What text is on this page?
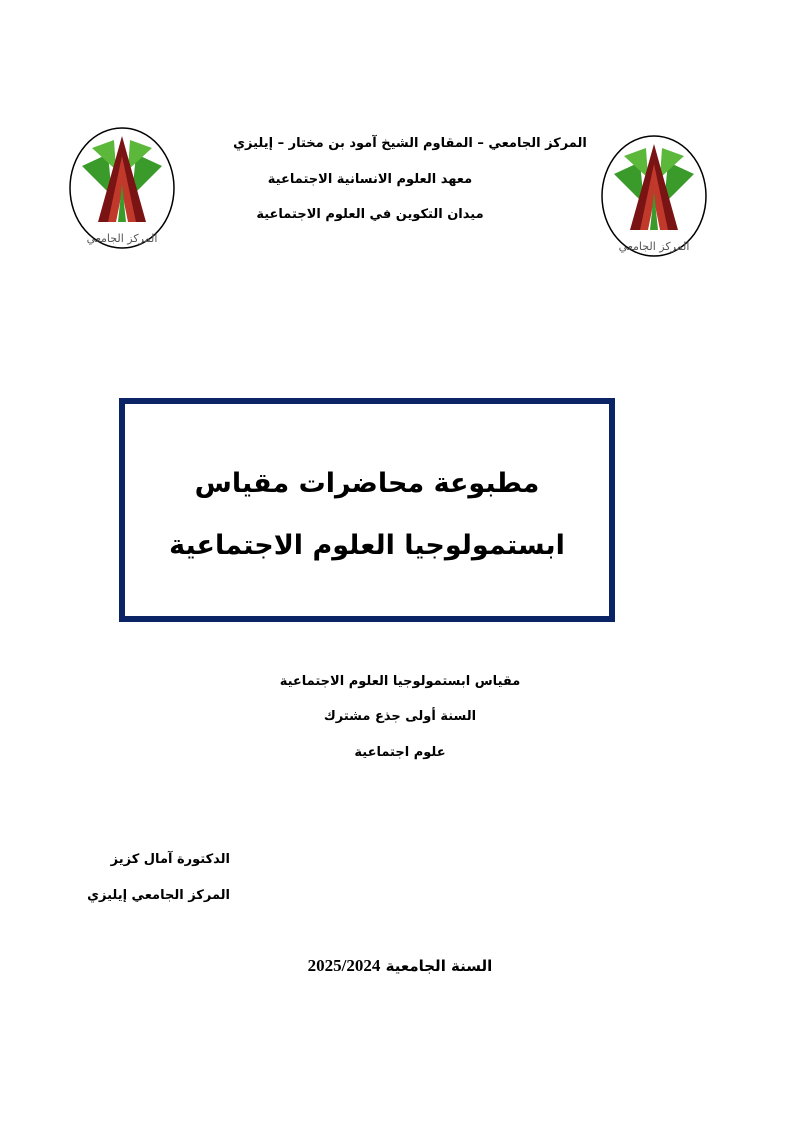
المركز الجامعي
المركز الجامعي
المركز الجامعي – المقاوم الشيخ آمود بن مختار – إيليزي
معهد العلوم الانسانية الاجتماعية
ميدان التكوين في العلوم الاجتماعية
مطبوعة محاضرات مقياس
ابستمولوجيا العلوم الاجتماعية
مقياس ابستمولوجيا العلوم الاجتماعية
السنة أولى جذع مشترك
علوم اجتماعية
الدكتورة آمال كزيز
المركز الجامعي إيليزي
السنة الجامعية 2025/2024
